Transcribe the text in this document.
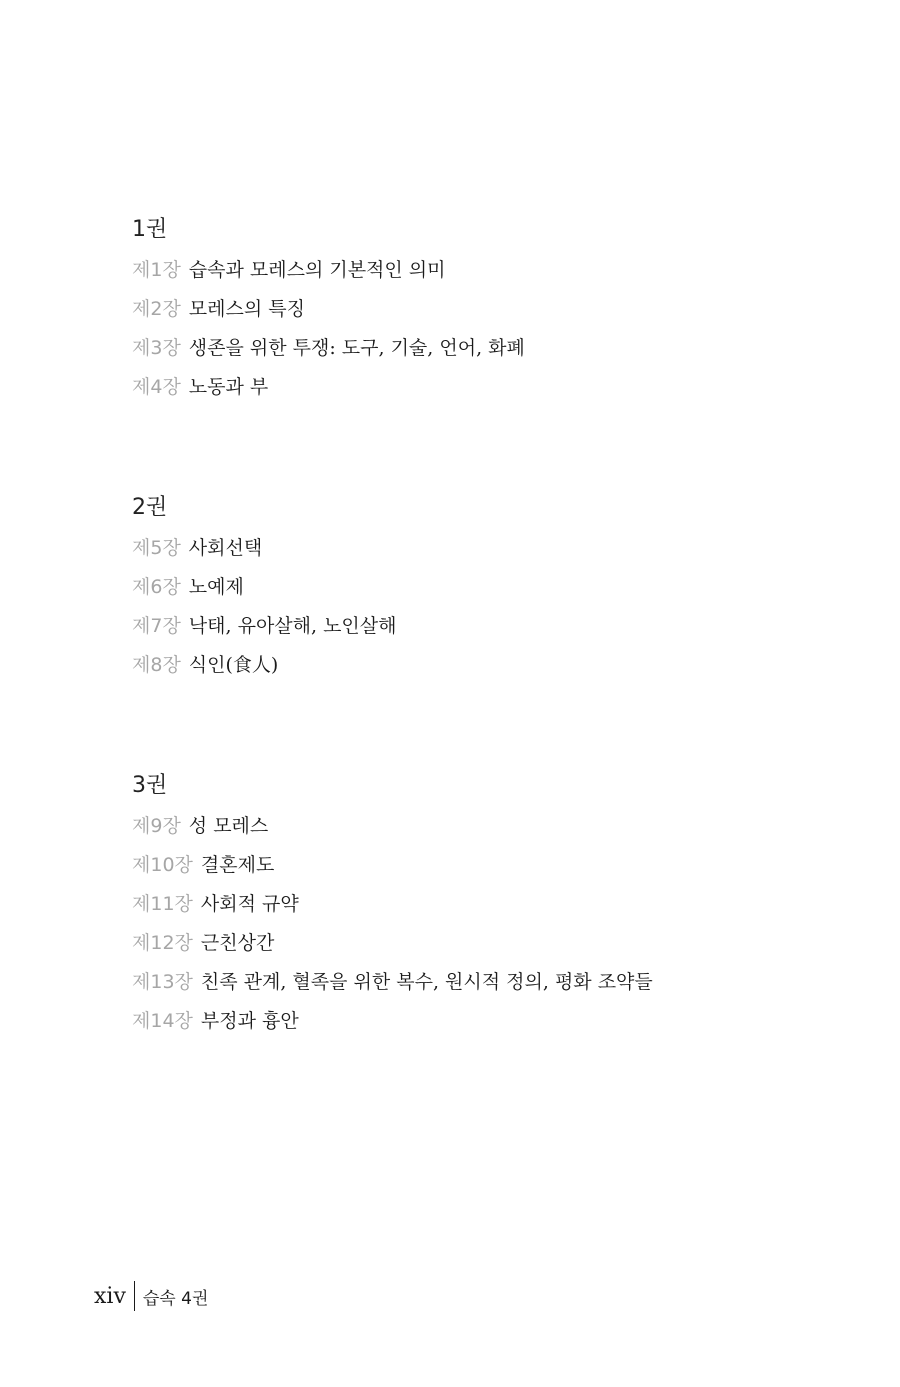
1권
제1장 습속과 모레스의 기본적인 의미
제2장 모레스의 특징
제3장 생존을 위한 투쟁: 도구, 기술, 언어, 화폐
제4장 노동과 부
2권
제5장 사회선택
제6장 노예제
제7장 낙태, 유아살해, 노인살해
제8장 식인(食人)
3권
제9장 성 모레스
제10장 결혼제도
제11장 사회적 규약
제12장 근친상간
제13장 친족 관계, 혈족을 위한 복수, 원시적 정의, 평화 조약들
제14장 부정과 흉안
xiv	습속 4권
